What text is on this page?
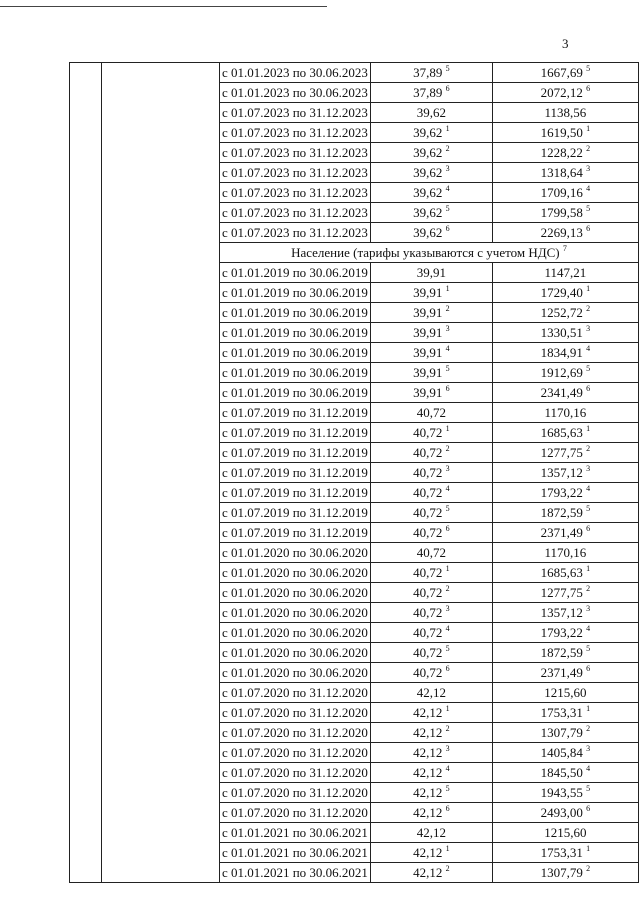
3
		с 01.01.2023 по 30.06.2023	37,89 $^5$	1667,69 $^5$
		с 01.01.2023 по 30.06.2023	37,89 $^6$	2072,12 $^6$
		с 01.07.2023 по 31.12.2023	39,62	1138,56
		с 01.07.2023 по 31.12.2023	39,62 $^1$	1619,50 $^1$
		с 01.07.2023 по 31.12.2023	39,62 $^2$	1228,22 $^2$
		с 01.07.2023 по 31.12.2023	39,62 $^3$	1318,64 $^3$
		с 01.07.2023 по 31.12.2023	39,62 $^4$	1709,16 $^4$
		с 01.07.2023 по 31.12.2023	39,62 $^5$	1799,58 $^5$
		с 01.07.2023 по 31.12.2023	39,62 $^6$	2269,13 $^6$
		Население (тарифы указываются с учетом НДС) $^7$
		с 01.01.2019 по 30.06.2019	39,91	1147,21
		с 01.01.2019 по 30.06.2019	39,91 $^1$	1729,40 $^1$
		с 01.01.2019 по 30.06.2019	39,91 $^2$	1252,72 $^2$
		с 01.01.2019 по 30.06.2019	39,91 $^3$	1330,51 $^3$
		с 01.01.2019 по 30.06.2019	39,91 $^4$	1834,91 $^4$
		с 01.01.2019 по 30.06.2019	39,91 $^5$	1912,69 $^5$
		с 01.01.2019 по 30.06.2019	39,91 $^6$	2341,49 $^6$
		с 01.07.2019 по 31.12.2019	40,72	1170,16
		с 01.07.2019 по 31.12.2019	40,72 $^1$	1685,63 $^1$
		с 01.07.2019 по 31.12.2019	40,72 $^2$	1277,75 $^2$
		с 01.07.2019 по 31.12.2019	40,72 $^3$	1357,12 $^3$
		с 01.07.2019 по 31.12.2019	40,72 $^4$	1793,22 $^4$
		с 01.07.2019 по 31.12.2019	40,72 $^5$	1872,59 $^5$
		с 01.07.2019 по 31.12.2019	40,72 $^6$	2371,49 $^6$
		с 01.01.2020 по 30.06.2020	40,72	1170,16
		с 01.01.2020 по 30.06.2020	40,72 $^1$	1685,63 $^1$
		с 01.01.2020 по 30.06.2020	40,72 $^2$	1277,75 $^2$
		с 01.01.2020 по 30.06.2020	40,72 $^3$	1357,12 $^3$
		с 01.01.2020 по 30.06.2020	40,72 $^4$	1793,22 $^4$
		с 01.01.2020 по 30.06.2020	40,72 $^5$	1872,59 $^5$
		с 01.01.2020 по 30.06.2020	40,72 $^6$	2371,49 $^6$
		с 01.07.2020 по 31.12.2020	42,12	1215,60
		с 01.07.2020 по 31.12.2020	42,12 $^1$	1753,31 $^1$
		с 01.07.2020 по 31.12.2020	42,12 $^2$	1307,79 $^2$
		с 01.07.2020 по 31.12.2020	42,12 $^3$	1405,84 $^3$
		с 01.07.2020 по 31.12.2020	42,12 $^4$	1845,50 $^4$
		с 01.07.2020 по 31.12.2020	42,12 $^5$	1943,55 $^5$
		с 01.07.2020 по 31.12.2020	42,12 $^6$	2493,00 $^6$
		с 01.01.2021 по 30.06.2021	42,12	1215,60
		с 01.01.2021 по 30.06.2021	42,12 $^1$	1753,31 $^1$
		с 01.01.2021 по 30.06.2021	42,12 $^2$	1307,79 $^2$
